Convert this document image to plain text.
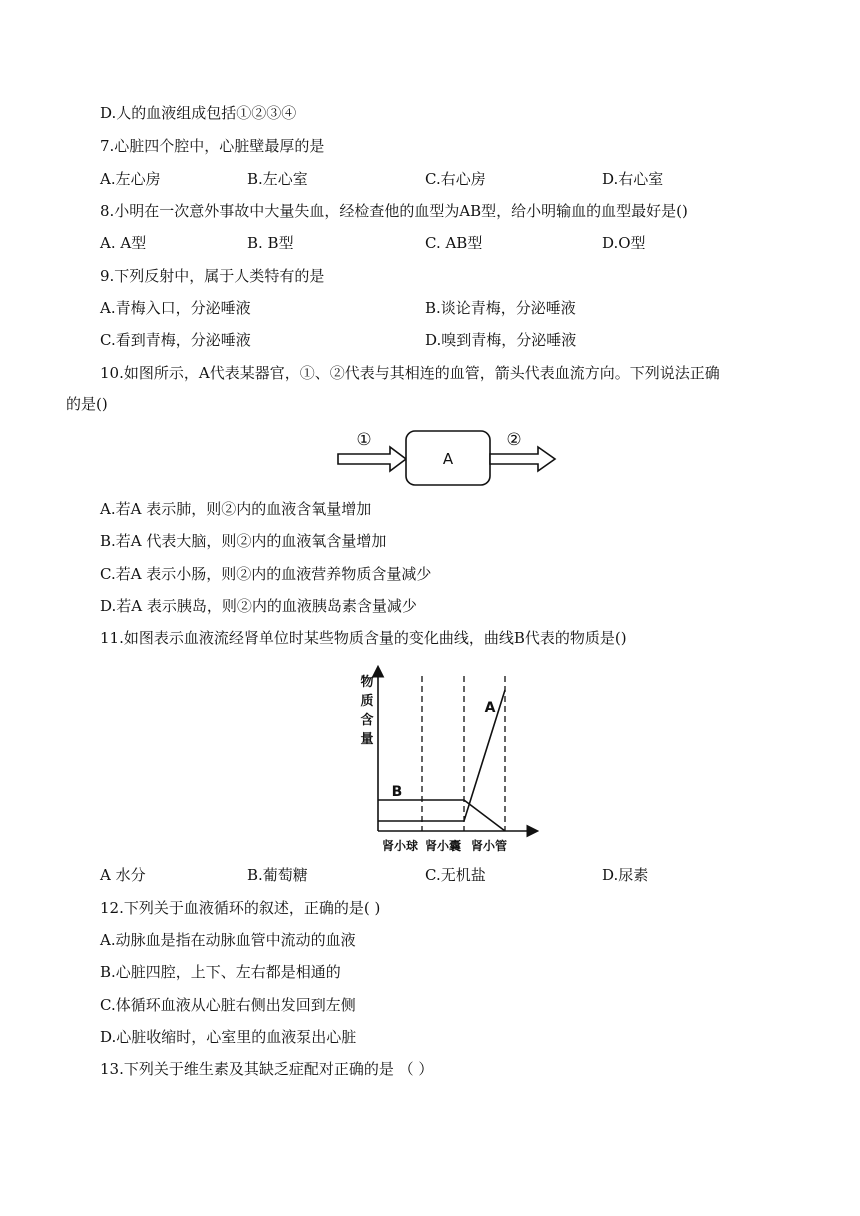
D.人的血液组成包括①②③④
7.心脏四个腔中，心脏壁最厚的是
A.左心房	B.左心室	C.右心房	D.右心室
8.小明在一次意外事故中大量失血，经检查他的血型为AB型，给小明输血的血型最好是()
A. A型	B. B型	C. AB型	D.O型
9.下列反射中，属于人类特有的是
A.青梅入口，分泌唾液	B.谈论青梅，分泌唾液
C.看到青梅，分泌唾液	D.嗅到青梅，分泌唾液
10.如图所示，A代表某器官，①、②代表与其相连的血管，箭头代表血流方向。下列说法正确
的是()
①
A
②
A.若A 表示肺，则②内的血液含氧量增加
B.若A 代表大脑，则②内的血液氧含量增加
C.若A 表示小肠，则②内的血液营养物质含量减少
D.若A 表示胰岛，则②内的血液胰岛素含量减少
11.如图表示血液流经肾单位时某些物质含量的变化曲线，曲线B代表的物质是()
物
质
含
量
A
B
肾小球 肾小囊 肾小管
A 水分	B.葡萄糖	C.无机盐	D.尿素
12.下列关于血液循环的叙述，正确的是( )
A.动脉血是指在动脉血管中流动的血液
B.心脏四腔，上下、左右都是相通的
C.体循环血液从心脏右侧出发回到左侧
D.心脏收缩时，心室里的血液泵出心脏
13.下列关于维生素及其缺乏症配对正确的是 （ ）
